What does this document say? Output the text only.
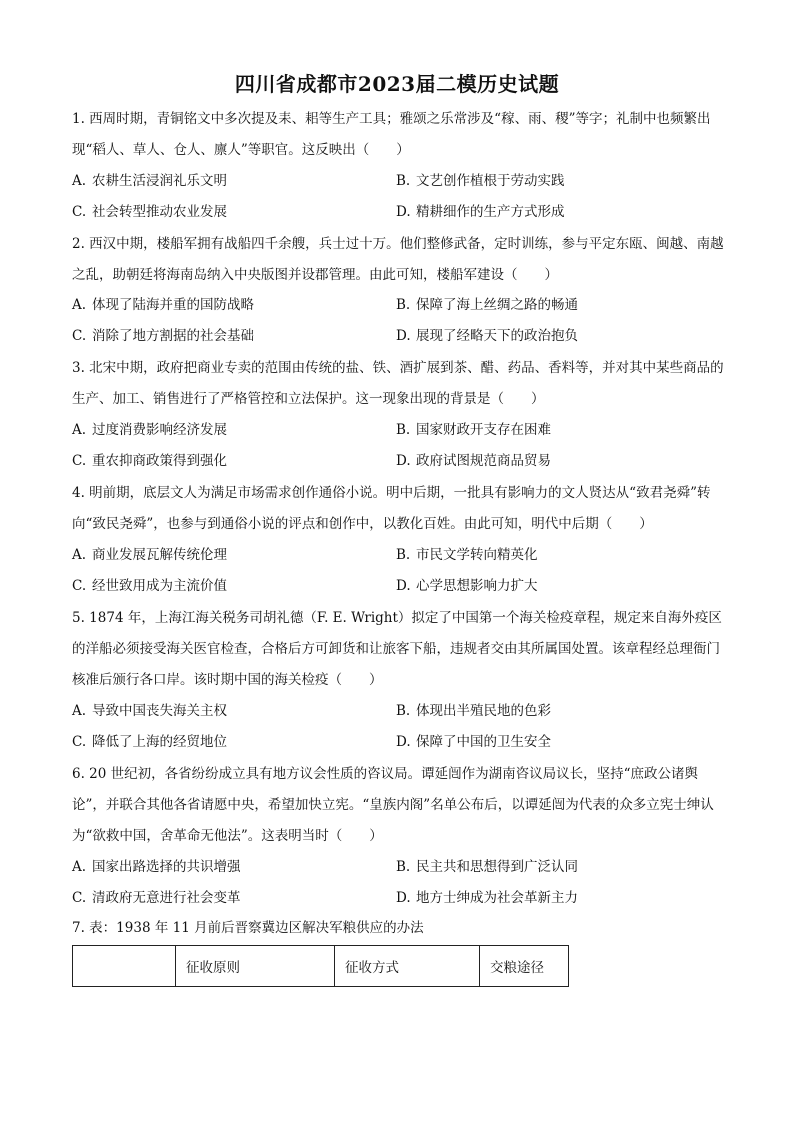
四川省成都市2023届二模历史试题
1. 西周时期，青铜铭文中多次提及耒、耜等生产工具；雅颂之乐常涉及“稼、雨、稷”等字；礼制中也频繁出现“稻人、草人、仓人、廪人”等职官。这反映出（　　）
A. 农耕生活浸润礼乐文明	B. 文艺创作植根于劳动实践
C. 社会转型推动农业发展	D. 精耕细作的生产方式形成
2. 西汉中期，楼船军拥有战船四千余艘，兵士过十万。他们整修武备，定时训练，参与平定东瓯、闽越、南越之乱，助朝廷将海南岛纳入中央版图并设郡管理。由此可知，楼船军建设（　　）
A. 体现了陆海并重的国防战略	B. 保障了海上丝绸之路的畅通
C. 消除了地方割据的社会基础	D. 展现了经略天下的政治抱负
3. 北宋中期，政府把商业专卖的范围由传统的盐、铁、酒扩展到茶、醋、药品、香料等，并对其中某些商品的生产、加工、销售进行了严格管控和立法保护。这一现象出现的背景是（　　）
A. 过度消费影响经济发展	B. 国家财政开支存在困难
C. 重农抑商政策得到强化	D. 政府试图规范商品贸易
4. 明前期，底层文人为满足市场需求创作通俗小说。明中后期，一批具有影响力的文人贤达从“致君尧舜”转向“致民尧舜”，也参与到通俗小说的评点和创作中，以教化百姓。由此可知，明代中后期（　　）
A. 商业发展瓦解传统伦理	B. 市民文学转向精英化
C. 经世致用成为主流价值	D. 心学思想影响力扩大
5. 1874 年，上海江海关税务司胡礼德（F. E. Wright）拟定了中国第一个海关检疫章程，规定来自海外疫区的洋船必须接受海关医官检查，合格后方可卸货和让旅客下船，违规者交由其所属国处置。该章程经总理衙门核准后颁行各口岸。该时期中国的海关检疫（　　）
A. 导致中国丧失海关主权	B. 体现出半殖民地的色彩
C. 降低了上海的经贸地位	D. 保障了中国的卫生安全
6. 20 世纪初，各省纷纷成立具有地方议会性质的咨议局。谭延闿作为湖南咨议局议长，坚持“庶政公诸舆论”，并联合其他各省请愿中央，希望加快立宪。“皇族内阁”名单公布后，以谭延闿为代表的众多立宪士绅认为“欲救中国，舍革命无他法”。这表明当时（　　）
A. 国家出路选择的共识增强	B. 民主共和思想得到广泛认同
C. 清政府无意进行社会变革	D. 地方士绅成为社会革新主力
7. 表：1938 年 11 月前后晋察冀边区解决军粮供应的办法
	征收原则	征收方式	交粮途径
